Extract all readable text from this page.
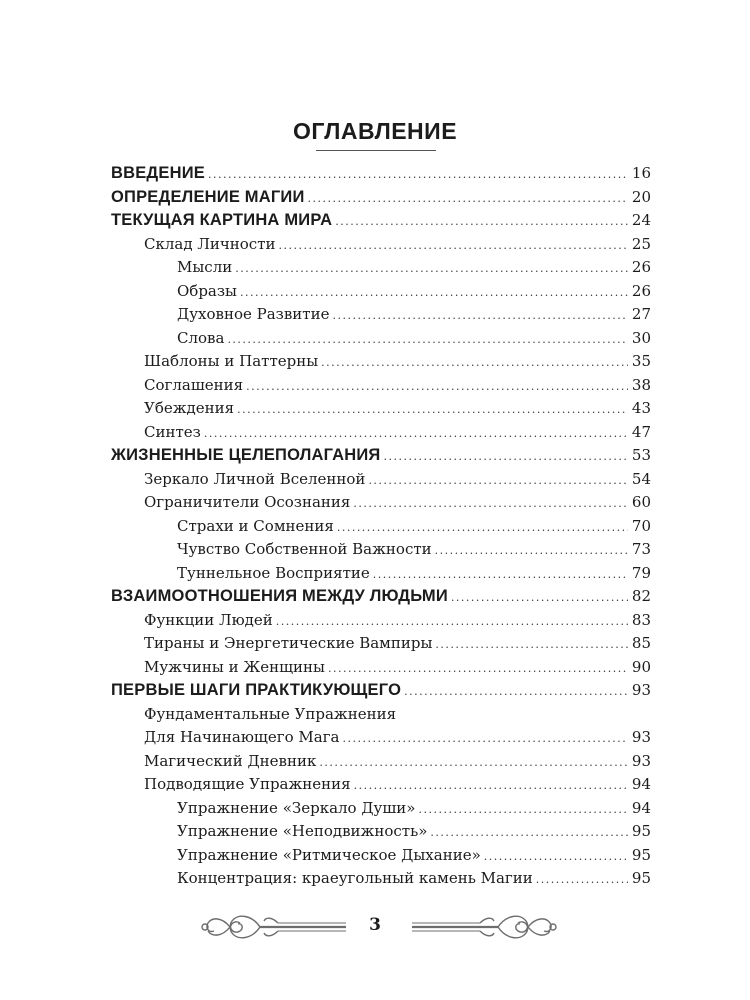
ОГЛАВЛЕНИЕ
ВВЕДЕНИЕ .....	16
ОПРЕДЕЛЕНИЕ МАГИИ .....	20
ТЕКУЩАЯ КАРТИНА МИРА .....	24
Склад Личности .....	25
Мысли .....	26
Образы .....	26
Духовное Развитие .....	27
Слова .....	30
Шаблоны и Паттерны .....	35
Соглашения .....	38
Убеждения .....	43
Синтез .....	47
ЖИЗНЕННЫЕ ЦЕЛЕПОЛАГАНИЯ .....	53
Зеркало Личной Вселенной .....	54
Ограничители Осознания .....	60
Страхи и Сомнения .....	70
Чувство Собственной Важности .....	73
Туннельное Восприятие .....	79
ВЗАИМООТНОШЕНИЯ МЕЖДУ ЛЮДЬМИ .....	82
Функции Людей .....	83
Тираны и Энергетические Вампиры .....	85
Мужчины и Женщины .....	90
ПЕРВЫЕ ШАГИ ПРАКТИКУЮЩЕГО .....	93
Фундаментальные Упражнения
Для Начинающего Мага .....	93
Магический Дневник .....	93
Подводящие Упражнения .....	94
Упражнение «Зеркало Души» .....	94
Упражнение «Неподвижность» .....	95
Упражнение «Ритмическое Дыхание» .....	95
Концентрация: краеугольный камень Магии .....	95
3
